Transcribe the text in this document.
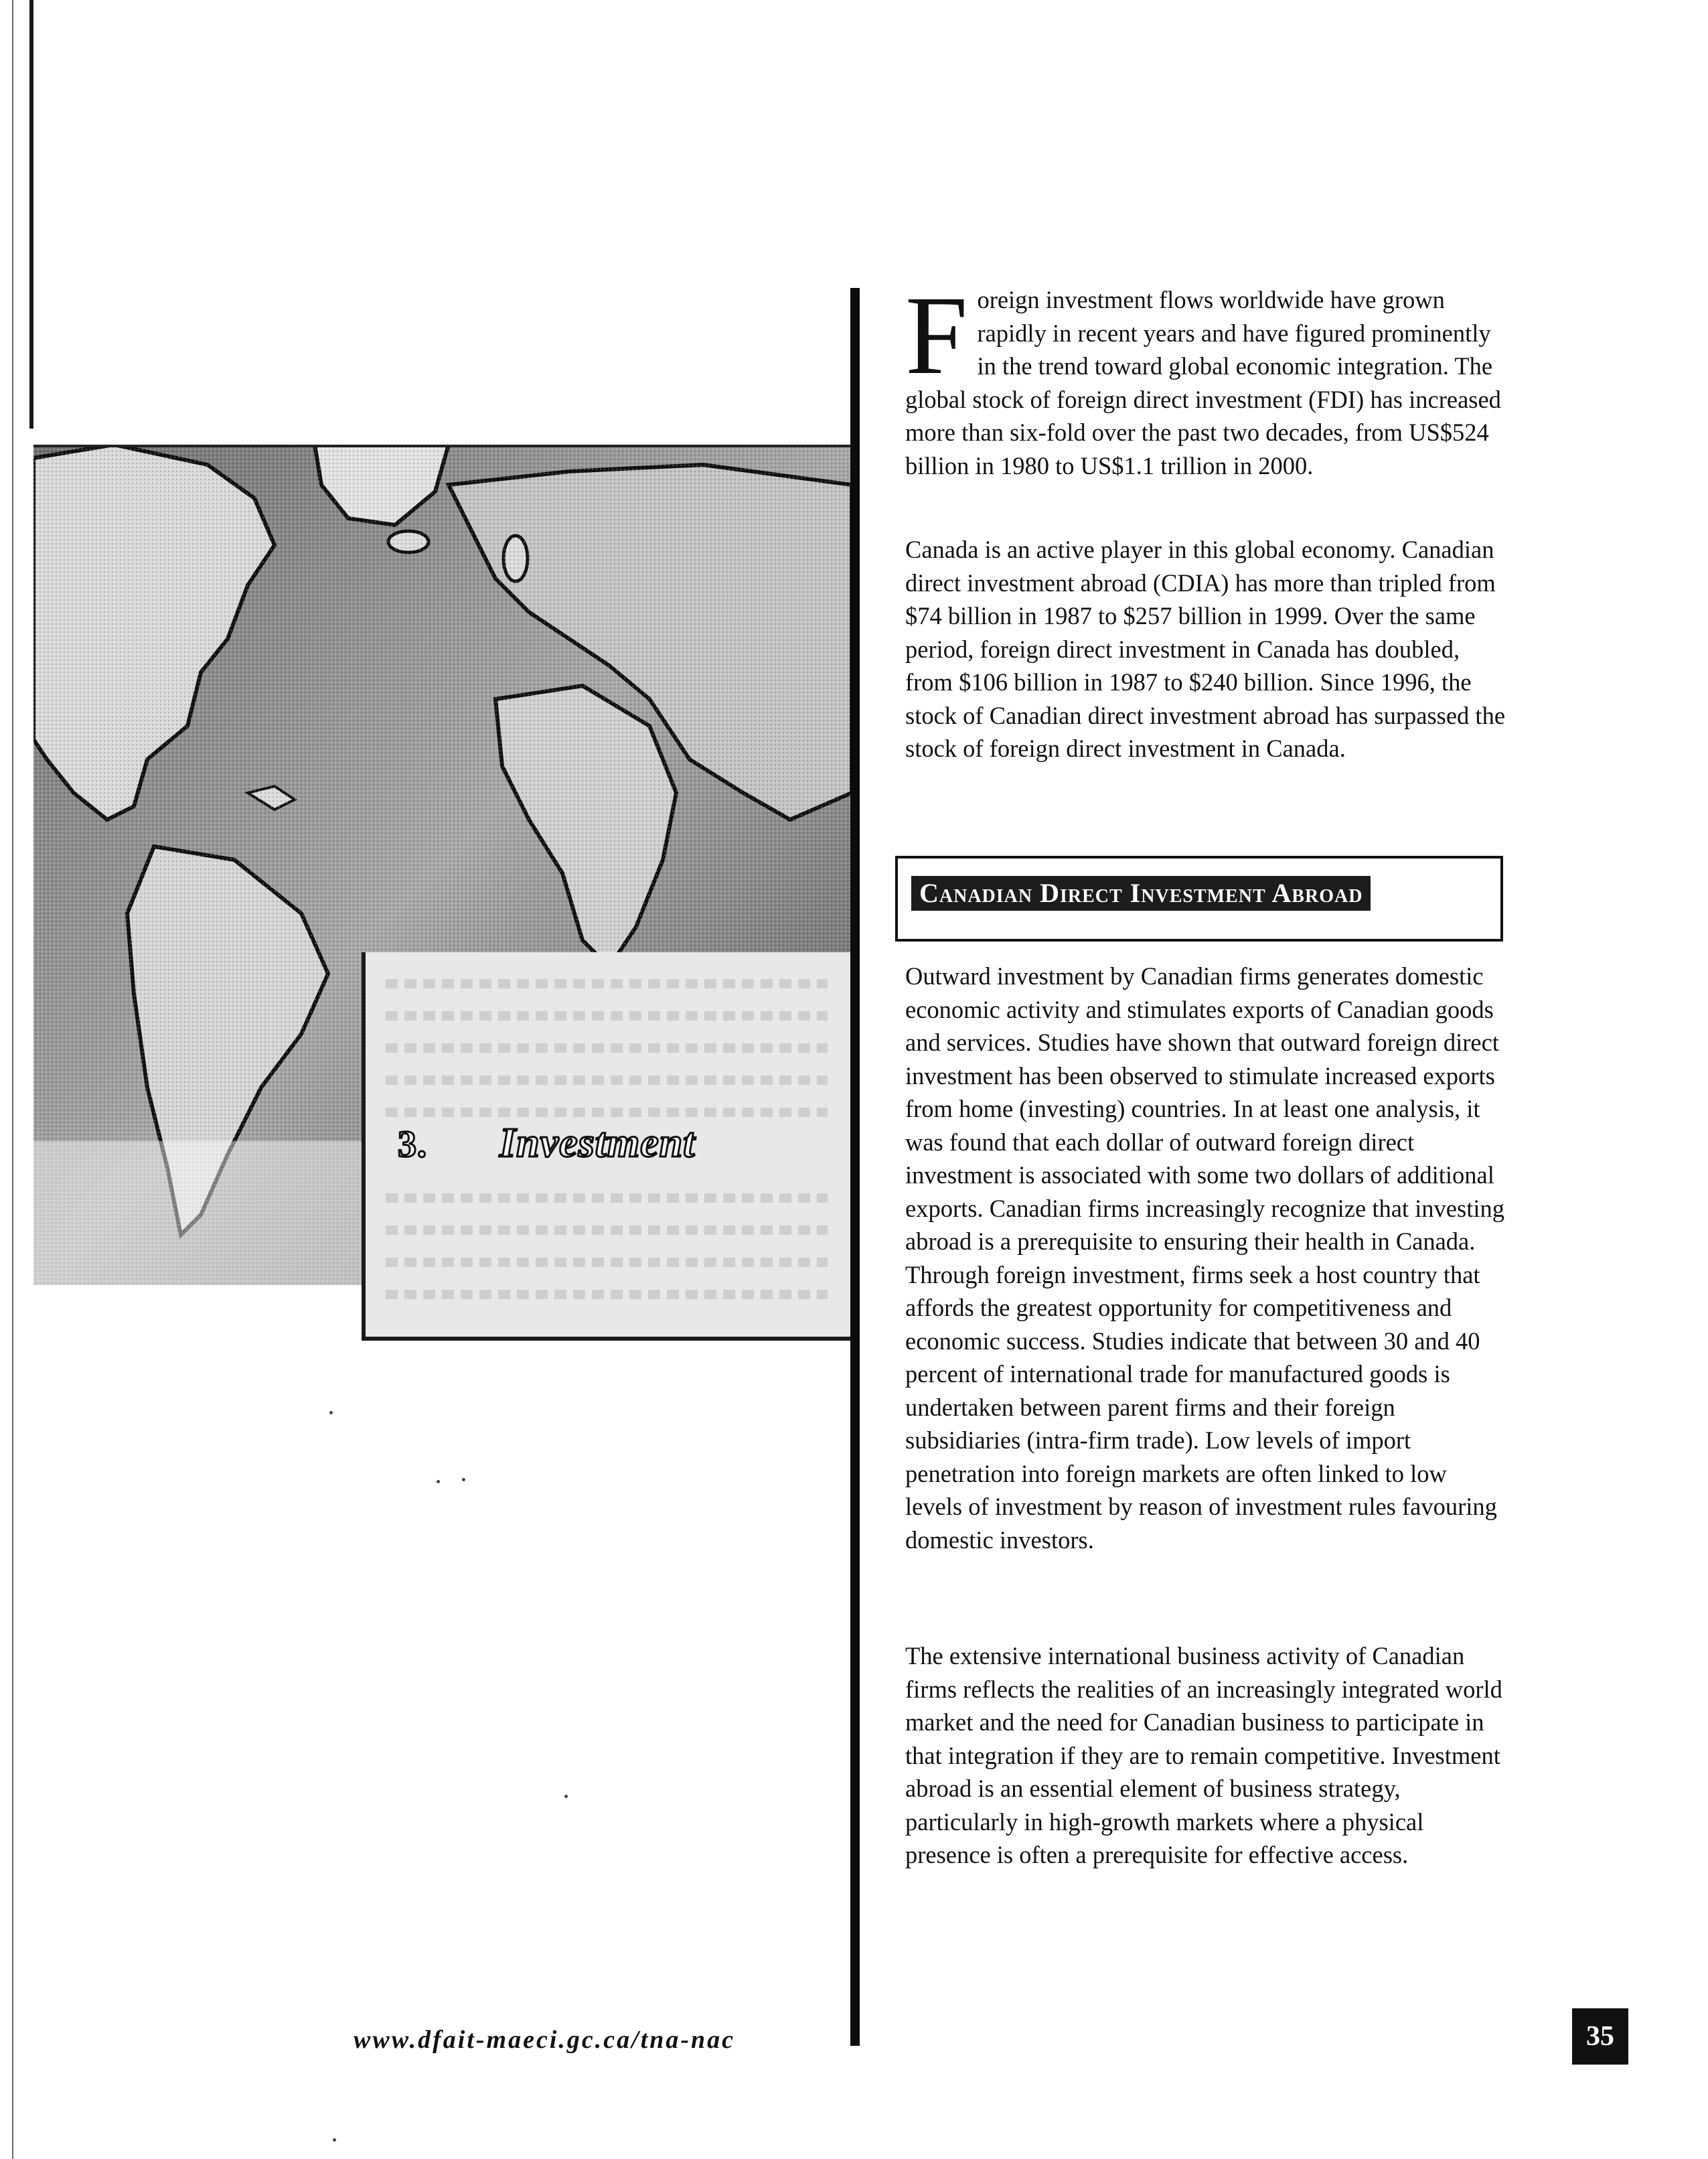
3. Investment

F oreign investment flows worldwide have grown rapidly in recent years and have figured prominently in the trend toward global economic integration. The global stock of foreign direct investment (FDI) has increased more than six-fold over the past two decades, from US$524 billion in 1980 to US$1.1 trillion in 2000.

Canada is an active player in this global economy. Canadian direct investment abroad (CDIA) has more than tripled from $74 billion in 1987 to $257 billion in 1999. Over the same period, foreign direct investment in Canada has doubled, from $106 billion in 1987 to $240 billion. Since 1996, the stock of Canadian direct investment abroad has surpassed the stock of foreign direct investment in Canada.

Canadian Direct Investment Abroad

Outward investment by Canadian firms generates domestic economic activity and stimulates exports of Canadian goods and services. Studies have shown that outward foreign direct investment has been observed to stimulate increased exports from home (investing) countries. In at least one analysis, it was found that each dollar of outward foreign direct investment is associated with some two dollars of additional exports. Canadian firms increasingly recognize that investing abroad is a prerequisite to ensuring their health in Canada. Through foreign investment, firms seek a host country that affords the greatest opportunity for competitiveness and economic success. Studies indicate that between 30 and 40 percent of international trade for manufactured goods is undertaken between parent firms and their foreign subsidiaries (intra-firm trade). Low levels of import penetration into foreign markets are often linked to low levels of investment by reason of investment rules favouring domestic investors.

The extensive international business activity of Canadian firms reflects the realities of an increasingly integrated world market and the need for Canadian business to participate in that integration if they are to remain competitive. Investment abroad is an essential element of business strategy, particularly in high-growth markets where a physical presence is often a prerequisite for effective access.

www.dfait-maeci.gc.ca/tna-nac	35
